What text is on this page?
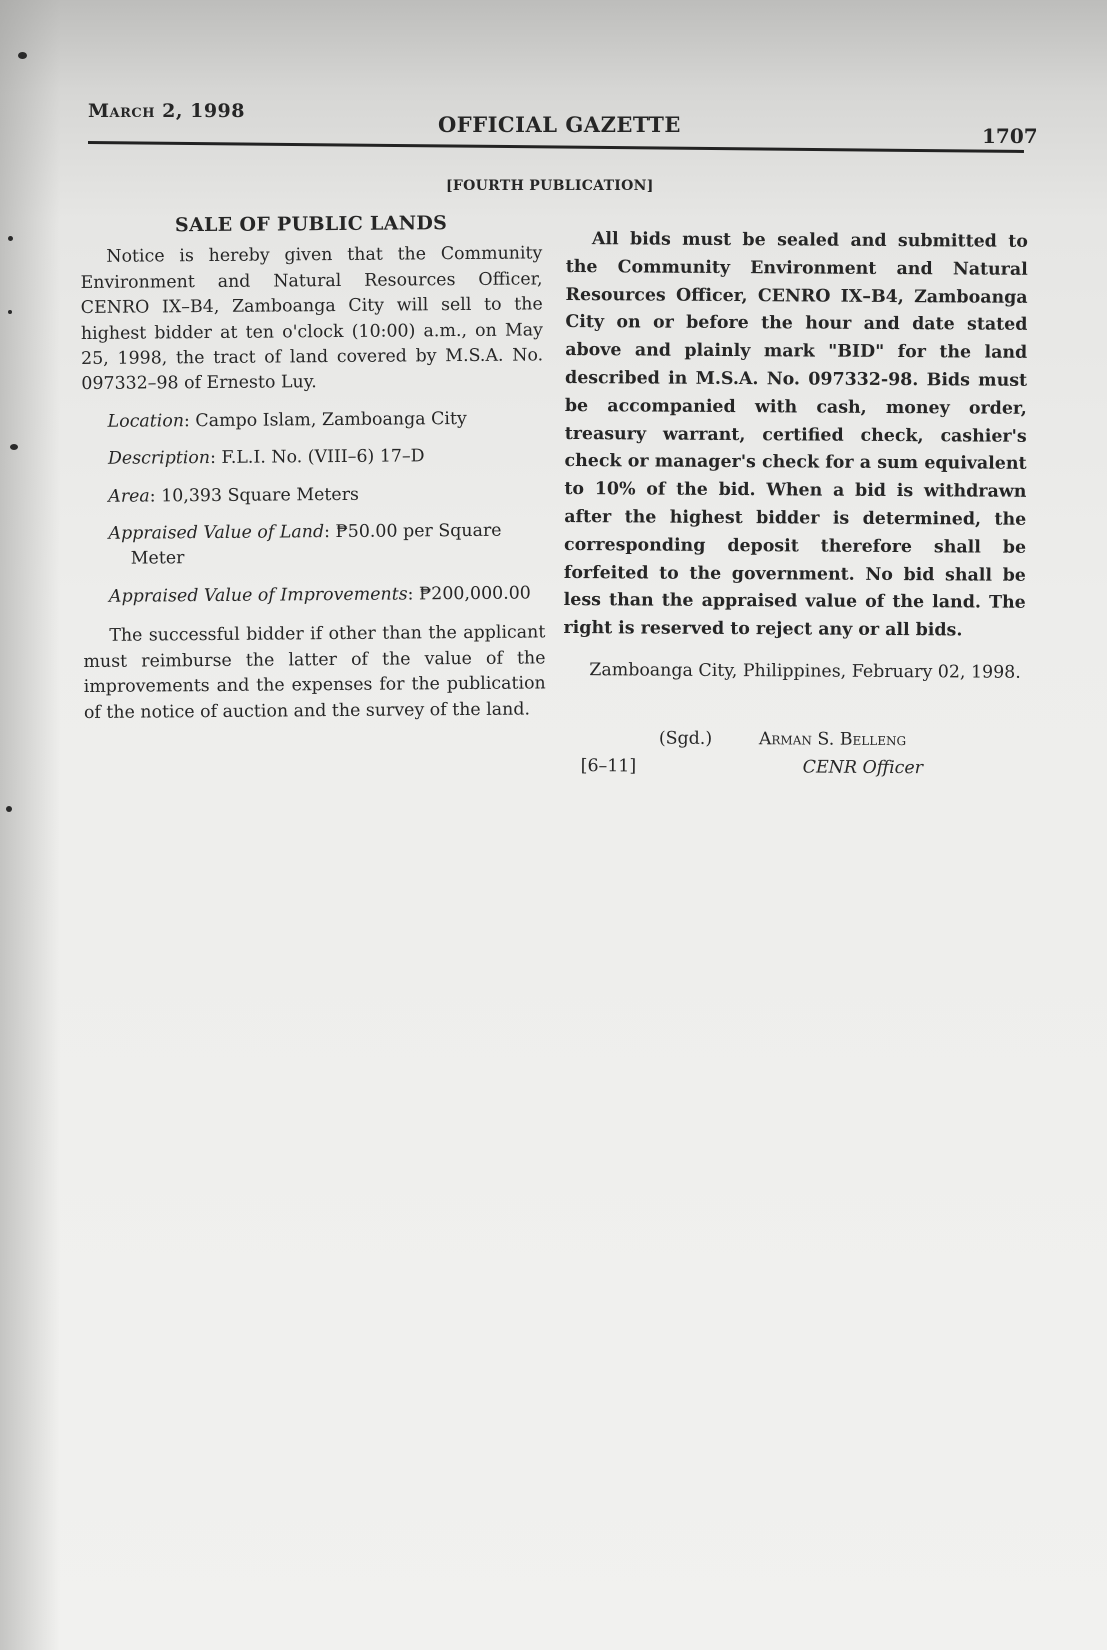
March 2, 1998
OFFICIAL GAZETTE	1707
[FOURTH PUBLICATION]
SALE OF PUBLIC LANDS

Notice is hereby given that the Community Environment and Natural Resources Officer, CENRO IX–B4, Zamboanga City will sell to the highest bidder at ten o'clock (10:00) a.m., on May 25, 1998, the tract of land covered by M.S.A. No. 097332–98 of Ernesto Luy.

Location: Campo Islam, Zamboanga City

Description: F.L.I. No. (VIII–6) 17–D

Area: 10,393 Square Meters

Appraised Value of Land: ₱50.00 per Square Meter

Appraised Value of Improvements: ₱200,000.00

The successful bidder if other than the applicant must reimburse the latter of the value of the improvements and the expenses for the publication of the notice of auction and the survey of the land.

All bids must be sealed and submitted to the Community Environment and Natural Resources Officer, CENRO IX–B4, Zamboanga City on or before the hour and date stated above and plainly mark "BID" for the land described in M.S.A. No. 097332-98. Bids must be accompanied with cash, money order, treasury warrant, certified check, cashier's check or manager's check for a sum equivalent to 10% of the bid. When a bid is withdrawn after the highest bidder is determined, the corresponding deposit therefore shall be forfeited to the government. No bid shall be less than the appraised value of the land. The right is reserved to reject any or all bids.

Zamboanga City, Philippines, February 02, 1998.

(Sgd.)	Arman S. Belleng
[6–11]	CENR Officer
